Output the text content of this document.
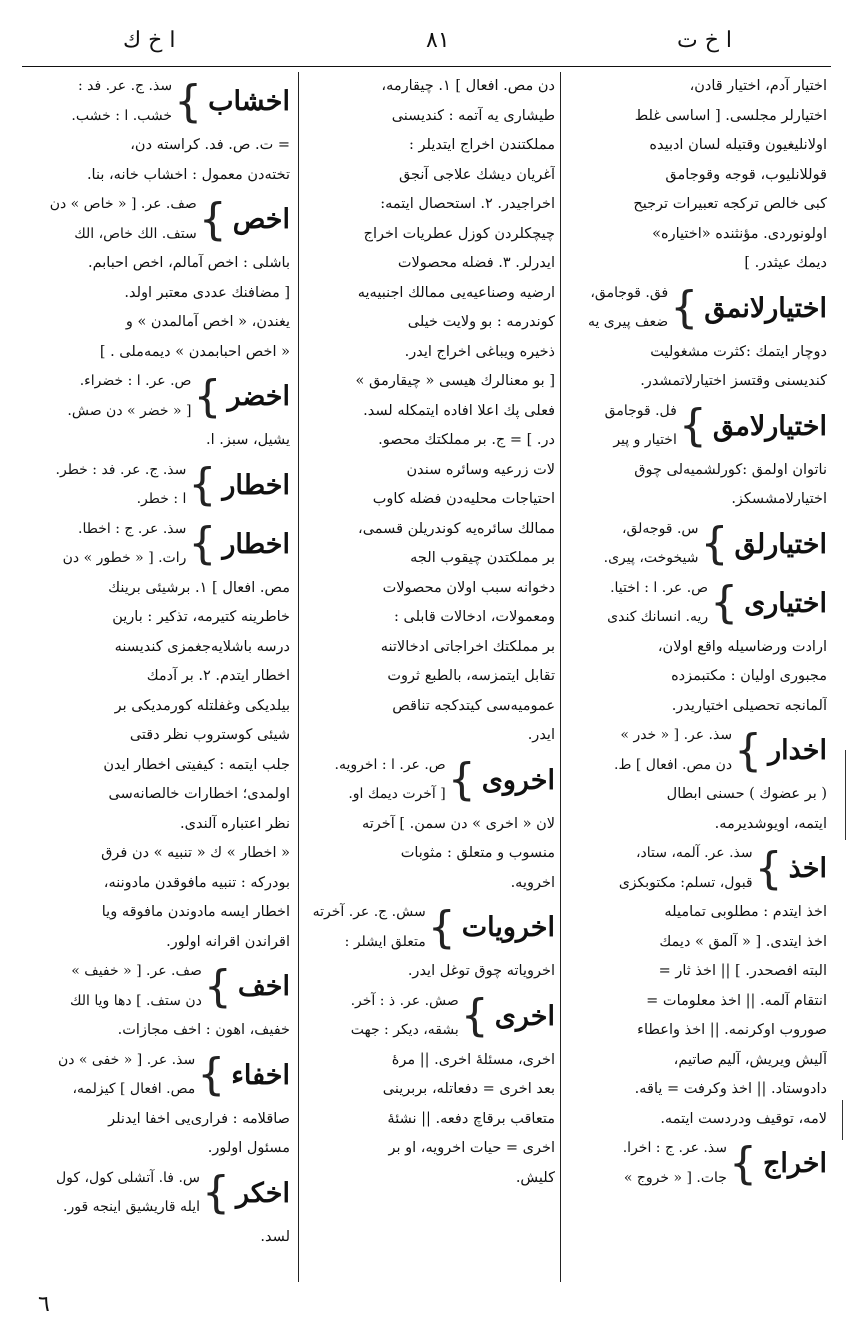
ا خ ك	۸۱	ا خ ت
اختیار آدم، اختیار قادن،
اختیارلر مجلسی. [ اساسی غلط
اولانلیغیون وقتیله لسان ادبیده
قوللانلیوب، قوجه وقوجامق
کبی خالص ترکجه تعبیرات ترجیح
اولونوردی. مؤنثنده «اختیاره»
دیمك عیثدر. ]
اختیارلانمق
}
فق. قوجامق،
ضعف پیری یه
دوچار ایتمك :کثرت مشغولیت
کندیسنی وقتسز اختیارلاتمشدر.
اختیارلامق
}
فل. قوجامق
اختیار و پیر
ناتوان اولمق :کورلشمیه‌لی چوق
اختیارلامشسکز.
اختیارلق
}
س. قوجه‌لق،
شیخوخت، پیری.
اختیاری
}
ص. عر. ا : اختیا.
ریه. انسانك کندی
ارادت ورضاسیله واقع اولان،
مجبوری اولیان : مکتبمزده
آلمانجه تحصیلی اختیاریدر.
اخدار
}
سذ. عر. [ « خدر »
دن مص. افعال ] ط.
( بر عضوك ) حسنی ابطال
ایتمه، اویوشدیرمه.
اخذ
}
سذ. عر. آلمه، ستاد،
قبول، تسلم: مکتوبکزی
اخذ ایتدم : مطلوبی تمامیله
اخذ ایتدی. [ « آلمق » دیمك
البته افصحدر. ] || اخذ ثار =
انتقام آلمه. || اخذ معلومات =
صوروب اوکرنمه. || اخذ واعطاء
آلیش ویریش، آلیم صاتیم،
دادوستاد. || اخذ وکرفت = یاقه.
لامه، توقیف ودردست ایتمه.
اخراج
}
سذ. عر. ج : اخرا.
جات. [ « خروج »
دن مص. افعال ] ۱. چیقارمه،
طیشاری یه آتمه : کندیسنی
مملکتندن اخراج ایتدیلر :
آغریان دیشك علاجی آنجق
اخراجیدر. ۲. استحصال ایتمه:
چیچکلردن کوزل عطریات اخراج
ایدرلر. ۳. فضله محصولات
ارضیه وصناعیه‌یی ممالك اجنبیه‌یه
کوندرمه : بو ولایت خیلی
ذخیره ویباغی اخراج ایدر.
[ بو معنالرك هیسی « چیقارمق »
فعلی پك اعلا افاده ایتمکله لسد.
در. ] = ج. بر مملکتك محصو.
لات زرعیه وسائره سندن
احتیاجات محلیه‌دن فضله کاوب
ممالك سائره‌یه کوندریلن قسمی،
بر مملکتدن چیقوب الجه
دخوانه سبب اولان محصولات
ومعمولات، ادخالات قابلی :
بر مملکتك اخراجاتی ادخالاتنه
تقابل ایتمزسه، بالطبع ثروت
عمومیه‌سی کیتدکجه تناقص
ایدر.
اخروی
}
ص. عر. ا : اخرویه.
[ آخرت دیمك او.
لان « اخری » دن سمن. ] آخرته
منسوب و متعلق : مثوبات
اخرویه.
اخرویات
}
سش. ج. عر. آخرته
متعلق ایشلر :
اخرویاته چوق توغل ایدر.
اخری
}
صش. عر. ذ : آخر.
بشقه، دیکر : جهت
اخری، مسئلهٔ اخری. || مرهٔ
بعد اخری = دفعاتله، بربرینی
متعاقب برقاچ دفعه. || نشئهٔ
اخری = حیات اخرویه، او بر
کلیش.
اخشاب
}
سذ. ج. عر. فد :
خشب. ا : خشب.
= ت. ص. فد. کراسته دن،
تخته‌دن معمول : اخشاب خانه، بنا.
اخص
}
صف. عر. [ « خاص » دن
ستف. الك خاص، الك
باشلی : اخص آمالم، اخص احبابم.
[ مضافنك عددی معتبر اولد.
یغندن، « اخص آمالمدن » و
« اخص احبابمدن » دیمه‌ملی . ]
اخضر
}
ص. عر. ا : خضراء.
[ « خضر » دن صش.
یشیل، سبز. ا.
اخطار
}
سذ. ج. عر. فد : خطر.
ا : خطر.
اخطار
}
سذ. عر. ج : اخطا.
رات. [ « خطور » دن
مص. افعال ] ۱. برشیئی برینك
خاطرینه کتیرمه، تذکیر : بارین
درسه باشلایه‌جغمزی کندیسنه
اخطار ایتدم. ۲. بر آدمك
بیلدیکی وغفلتله کورمدیکی بر
شیئی کوستروب نظر دقتی
جلب ایتمه : کیفیتی اخطار ایدن
اولمدی؛ اخطارات خالصانه‌سی
نظر اعتباره آلندی.
« اخطار » ك « تنبیه » دن فرق
بودرکه : تنبیه مافوقدن مادوننه،
اخطار ایسه مادوندن مافوقه ویا
اقراندن اقرانه اولور.
اخف
}
صف. عر. [ « خفیف »
دن ستف. ] دها ویا الك
خفیف، اهون : اخف مجازات.
اخفاء
}
سذ. عر. [ « خفی » دن
مص. افعال ] کیزلمه،
صاقلامه : فراری‌یی اخفا ایدنلر
مسئول اولور.
اخکر
}
س. فا. آتشلی کول، کول
ایله قاریشیق اینجه قور.
لسد.
٦
